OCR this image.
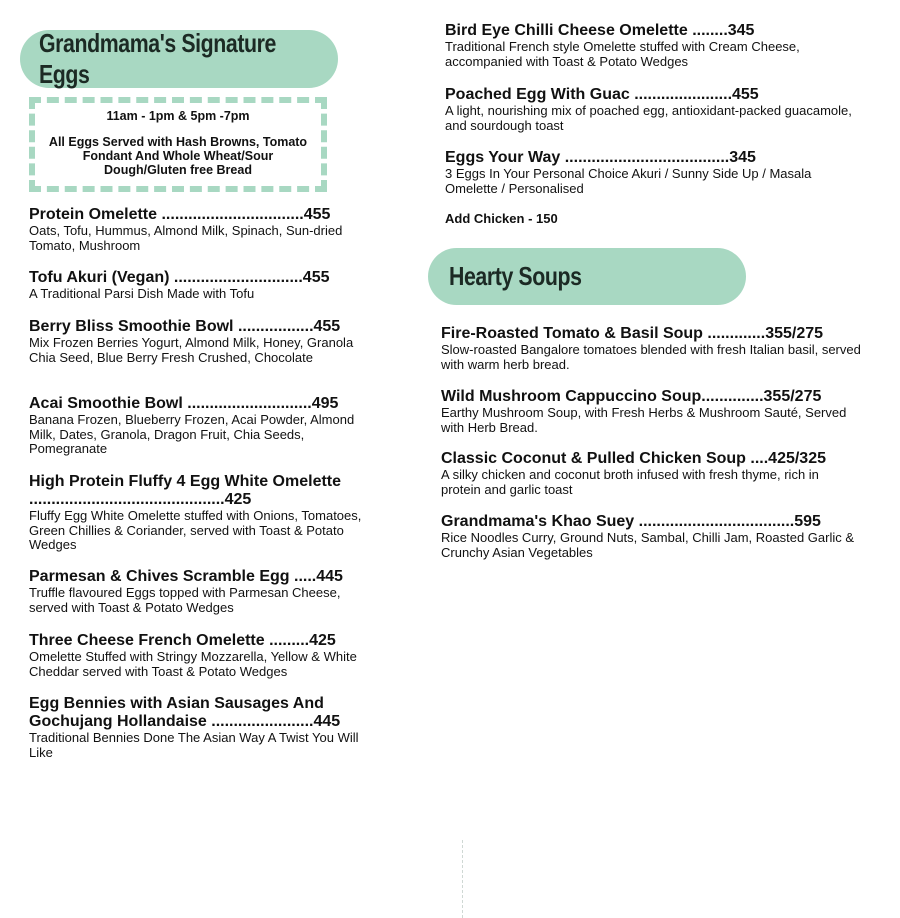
Grandmama's Signature Eggs
11am - 1pm & 5pm -7pm
All Eggs Served with Hash Browns, Tomato Fondant And Whole Wheat/Sour Dough/Gluten free Bread
Protein Omelette ................................455
Oats, Tofu, Hummus, Almond Milk, Spinach, Sun-dried Tomato, Mushroom
Tofu Akuri (Vegan) .............................455
A Traditional Parsi Dish Made with Tofu
Berry Bliss Smoothie Bowl .................455
Mix Frozen Berries Yogurt, Almond Milk, Honey, Granola Chia Seed, Blue Berry Fresh Crushed, Chocolate
Acai Smoothie Bowl ............................495
Banana Frozen, Blueberry Frozen, Acai Powder, Almond Milk, Dates, Granola, Dragon Fruit, Chia Seeds, Pomegranate
High Protein Fluffy 4 Egg White Omelette ............................................425
Fluffy Egg White Omelette stuffed with Onions, Tomatoes, Green Chillies & Coriander, served with Toast & Potato Wedges
Parmesan & Chives Scramble Egg .....445
Truffle flavoured Eggs topped with Parmesan Cheese, served with Toast & Potato Wedges
Three Cheese French Omelette .........425
Omelette Stuffed with Stringy Mozzarella, Yellow & White Cheddar served with Toast & Potato Wedges
Egg Bennies with Asian Sausages And Gochujang Hollandaise .......................445
Traditional Bennies Done The Asian Way A Twist You Will Like
Bird Eye Chilli Cheese Omelette ........345
Traditional French style Omelette stuffed with Cream Cheese, accompanied with Toast & Potato Wedges
Poached Egg With Guac ......................455
A light, nourishing mix of poached egg, antioxidant-packed guacamole, and sourdough toast
Eggs Your Way .....................................345
3 Eggs In Your Personal Choice Akuri / Sunny Side Up / Masala Omelette / Personalised
Add Chicken - 150
Hearty Soups
Fire-Roasted Tomato & Basil Soup .............355/275
Slow-roasted Bangalore tomatoes blended with fresh Italian basil, served with warm herb bread.
Wild Mushroom Cappuccino Soup..............355/275
Earthy Mushroom Soup, with Fresh Herbs & Mushroom Sauté, Served with Herb Bread.
Classic Coconut & Pulled Chicken Soup ....425/325
A silky chicken and coconut broth infused with fresh thyme, rich in protein and garlic toast
Grandmama's Khao Suey ...................................595
Rice Noodles Curry, Ground Nuts, Sambal, Chilli Jam, Roasted Garlic & Crunchy Asian Vegetables
